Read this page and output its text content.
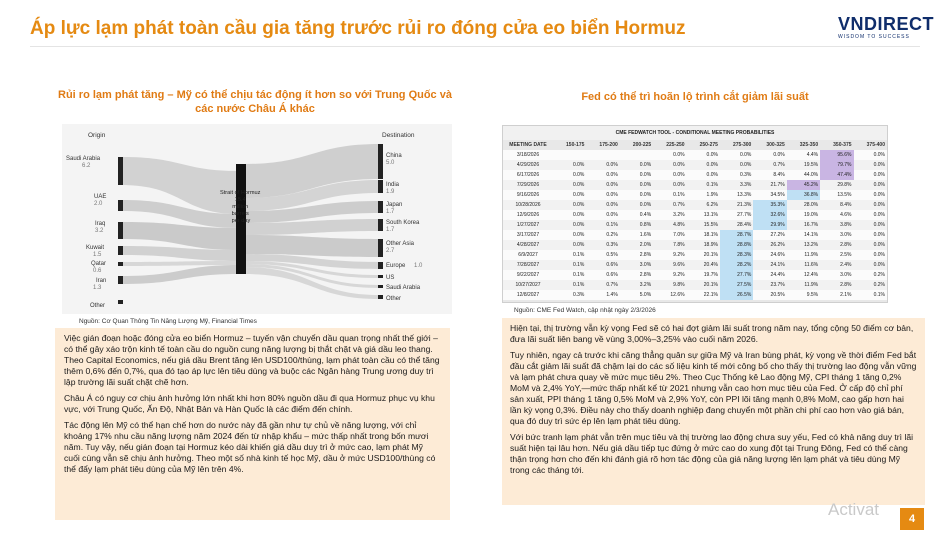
Áp lực lạm phát toàn cầu gia tăng trước rủi ro đóng cửa eo biển Hormuz	VNDIRECT
WISDOM TO SUCCESS
Rủi ro lạm phát tăng – Mỹ có thể chịu tác động ít hơn so với Trung Quốc và các nước Châu Á khác
Origin	Destination
Saudi Arabia
6.2
UAE
2.0
Iraq
3.2
Kuwait
1.5
Qatar
0.6
Iran
1.3
Other
Strait of Hormuz 15.4 million barrels per day
China
5.0
India
1.9
Japan
1.7
South Korea
1.7
Other Asia
2.7
Europe 1.0
US
Saudi Arabia
Other
Nguồn: Cơ Quan Thông Tin Năng Lượng Mỹ, Financial Times

Việc gián đoạn hoặc đóng cửa eo biển Hormuz – tuyến vận chuyển dầu quan trọng nhất thế giới – có thể gây xáo trộn kinh tế toàn cầu do nguồn cung năng lượng bị thắt chặt và giá dầu leo thang. Theo Capital Economics, nếu giá dầu Brent tăng lên USD100/thùng, lạm phát toàn cầu có thể tăng thêm 0,6% đến 0,7%, qua đó tạo áp lực lên tiêu dùng và buộc các Ngân hàng Trung ương duy trì lập trường lãi suất chặt chẽ hơn.

Châu Á có nguy cơ chịu ảnh hưởng lớn nhất khi hơn 80% nguồn dầu đi qua Hormuz phục vụ khu vực, với Trung Quốc, Ấn Độ, Nhật Bản và Hàn Quốc là các điểm đến chính.

Tác động lên Mỹ có thể hạn chế hơn do nước này đã gần như tự chủ về năng lượng, với chỉ khoảng 17% nhu cầu năng lượng năm 2024 đến từ nhập khẩu – mức thấp nhất trong bốn mươi năm. Tuy vậy, nếu gián đoạn tại Hormuz kéo dài khiến giá dầu duy trì ở mức cao, lạm phát Mỹ cuối cùng vẫn sẽ chịu ảnh hưởng. Theo một số nhà kinh tế học Mỹ, dầu ở mức USD100/thùng có thể đẩy lạm phát tiêu dùng của Mỹ lên trên 4%.

Fed có thể trì hoãn lộ trình cắt giảm lãi suất
CME FEDWATCH TOOL - CONDITIONAL MEETING PROBABILITIES
MEETING DATE	150-175	175-200	200-225	225-250	250-275	275-300	300-325	325-350	350-375	375-400
3/18/2026				0.0%	0.0%	0.0%	0.0%	4.4%	95.6%	0.0%
4/29/2026	0.0%	0.0%	0.0%	0.0%	0.0%	0.0%	0.7%	19.5%	79.7%	0.0%
6/17/2026	0.0%	0.0%	0.0%	0.0%	0.0%	0.3%	8.4%	44.0%	47.4%	0.0%
7/29/2026	0.0%	0.0%	0.0%	0.0%	0.1%	3.3%	21.7%	45.2%	29.8%	0.0%
9/16/2026	0.0%	0.0%	0.0%	0.1%	1.9%	13.3%	34.5%	36.8%	13.5%	0.0%
10/28/2026	0.0%	0.0%	0.0%	0.7%	6.2%	21.3%	35.3%	28.0%	8.4%	0.0%
12/9/2026	0.0%	0.0%	0.4%	3.2%	13.1%	27.7%	32.6%	19.0%	4.6%	0.0%
1/27/2027	0.0%	0.1%	0.8%	4.8%	15.5%	28.4%	29.9%	16.7%	3.8%	0.0%
3/17/2027	0.0%	0.2%	1.6%	7.0%	18.1%	28.7%	27.2%	14.1%	3.0%	0.0%
4/28/2027	0.0%	0.3%	2.0%	7.8%	18.9%	28.8%	26.2%	13.2%	2.8%	0.0%
6/9/2027	0.1%	0.5%	2.8%	9.2%	20.1%	28.3%	24.6%	11.9%	2.5%	0.0%
7/28/2027	0.1%	0.6%	3.0%	9.6%	20.4%	28.2%	24.1%	11.6%	2.4%	0.0%
9/22/2027	0.1%	0.6%	2.8%	9.2%	19.7%	27.7%	24.4%	12.4%	3.0%	0.2%
10/27/2027	0.1%	0.7%	3.2%	9.8%	20.1%	27.5%	23.7%	11.9%	2.8%	0.2%
12/8/2027	0.3%	1.4%	5.0%	12.6%	22.1%	26.5%	20.5%	9.5%	2.1%	0.1%
Nguồn: CME Fed Watch, cập nhật ngày 2/3/2026

Hiện tại, thị trường vẫn kỳ vọng Fed sẽ có hai đợt giảm lãi suất trong năm nay, tổng cộng 50 điểm cơ bản, đưa lãi suất liên bang về vùng 3,00%–3,25% vào cuối năm 2026.

Tuy nhiên, ngay cả trước khi căng thẳng quân sự giữa Mỹ và Iran bùng phát, kỳ vọng về thời điểm Fed bắt đầu cắt giảm lãi suất đã chậm lại do các số liệu kinh tế mới công bố cho thấy thị trường lao động vẫn vững và lạm phát chưa quay về mức mục tiêu 2%. Theo Cục Thống kê Lao động Mỹ, CPI tháng 1 tăng 0,2% MoM và 2,4% YoY,—mức thấp nhất kể từ 2021 nhưng vẫn cao hơn mục tiêu của Fed. Ở cấp độ chỉ phí sản xuất, PPI tháng 1 tăng 0,5% MoM và 2,9% YoY, còn PPI lõi tăng mạnh 0,8% MoM, cao gấp hơn hai lần kỳ vọng 0,3%. Điều này cho thấy doanh nghiệp đang chuyển một phần chi phí cao hơn vào giá bán, qua đó duy trì sức ép lên lạm phát tiêu dùng.

Với bức tranh lạm phát vẫn trên mục tiêu và thị trường lao động chưa suy yếu, Fed có khả năng duy trì lãi suất hiện tại lâu hơn. Nếu giá dầu tiếp tục đứng ở mức cao do xung đột tại Trung Đông, Fed có thể càng thận trọng hơn cho đến khi đánh giá rõ hơn tác động của giá năng lượng lên lạm phát và tiêu dùng Mỹ trong các tháng tới.

Activat	4
